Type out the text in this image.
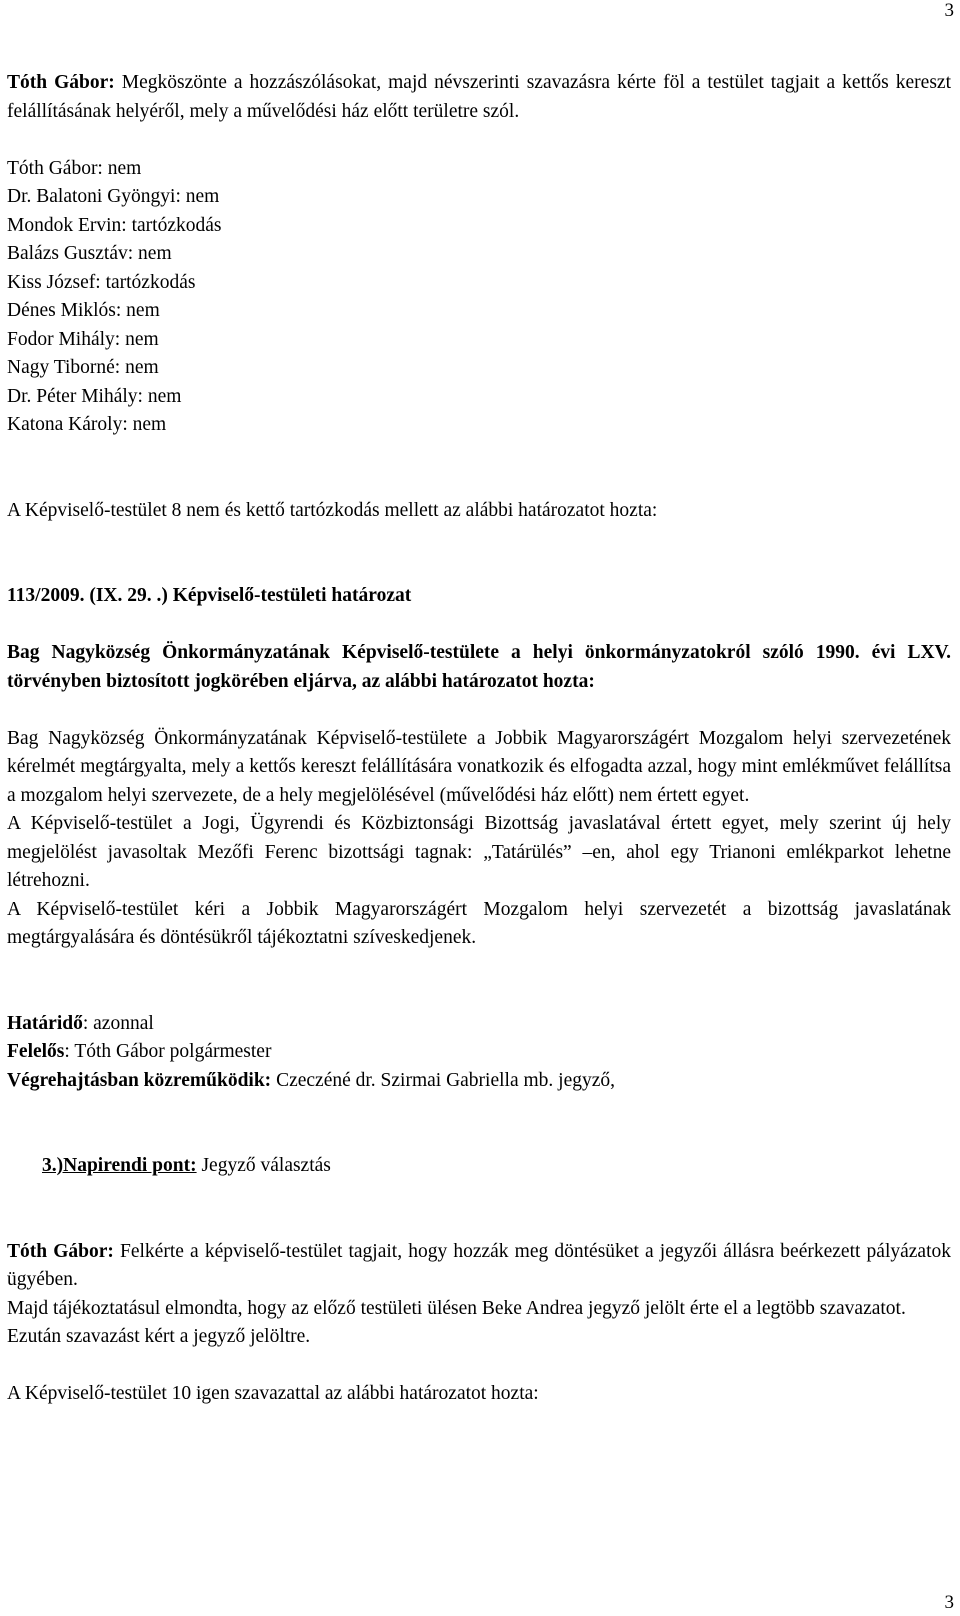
3

Tóth Gábor: Megköszönte a hozzászólásokat, majd névszerinti szavazásra kérte föl a testület tagjait a kettős kereszt felállításának helyéről, mely a művelődési ház előtt területre szól.

Tóth Gábor: nem

Dr. Balatoni Gyöngyi: nem

Mondok Ervin: tartózkodás

Balázs Gusztáv: nem

Kiss József: tartózkodás

Dénes Miklós: nem

Fodor Mihály: nem

Nagy Tiborné: nem

Dr. Péter Mihály: nem

Katona Károly: nem

A Képviselő-testület 8 nem és kettő tartózkodás mellett az alábbi határozatot hozta:

113/2009. (IX. 29. .) Képviselő-testületi határozat

Bag Nagyközség Önkormányzatának Képviselő-testülete a helyi önkormányzatokról szóló 1990. évi LXV. törvényben biztosított jogkörében eljárva, az alábbi határozatot hozta:

Bag Nagyközség Önkormányzatának Képviselő-testülete a Jobbik Magyarországért Mozgalom helyi szervezetének kérelmét megtárgyalta, mely a kettős kereszt felállítására vonatkozik és elfogadta azzal, hogy mint emlékművet felállítsa a mozgalom helyi szervezete, de a hely megjelölésével (művelődési ház előtt) nem értett egyet.

A Képviselő-testület a Jogi, Ügyrendi és Közbiztonsági Bizottság javaslatával értett egyet, mely szerint új hely megjelölést javasoltak Mezőfi Ferenc bizottsági tagnak: „Tatárülés” –en, ahol egy Trianoni emlékparkot lehetne létrehozni.

A Képviselő-testület kéri a Jobbik Magyarországért Mozgalom helyi szervezetét a bizottság javaslatának megtárgyalására és döntésükről tájékoztatni szíveskedjenek.

Határidő: azonnal

Felelős: Tóth Gábor polgármester

Végrehajtásban közreműködik: Czeczéné dr. Szirmai Gabriella mb. jegyző,

3.)Napirendi pont: Jegyző választás

Tóth Gábor: Felkérte a képviselő-testület tagjait, hogy hozzák meg döntésüket a jegyzői állásra beérkezett pályázatok ügyében.

Majd tájékoztatásul elmondta, hogy az előző testületi ülésen Beke Andrea jegyző jelölt érte el a legtöbb szavazatot.

Ezután szavazást kért a jegyző jelöltre.

A Képviselő-testület 10 igen szavazattal az alábbi határozatot hozta:

3
